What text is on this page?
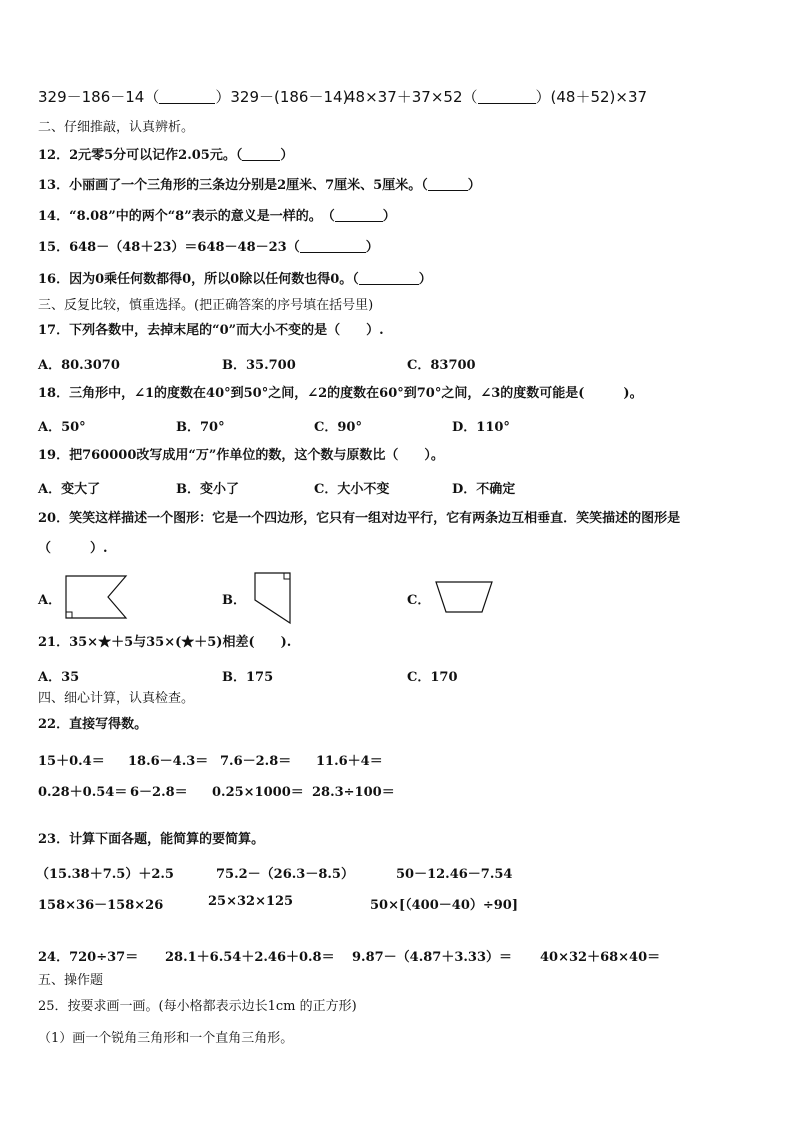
329－186－14（	）329－(186－14)
48×37＋37×52（	）(48＋52)×37
二、仔细推敲，认真辨析。
12．2元零5分可以记作2.05元。（	）
13．小丽画了一个三角形的三条边分别是2厘米、7厘米、5厘米。（	）
14．“8.08”中的两个“8”表示的意义是一样的。　（	）
15．648－（48＋23）＝648－48－23（	）
16．因为0乘任何数都得0，所以0除以任何数也得0。（	）
三、反复比较，慎重选择。(把正确答案的序号填在括号里)
17．下列各数中，去掉末尾的“0”而大小不变的是（　　）.
A．80.3070	B．35.700	C．83700
18．三角形中，∠1的度数在40°到50°之间，∠2的度数在60°到70°之间，∠3的度数可能是(　　　)。
A．50°	B．70°	C．90°	D．110°
19．把760000改写成用“万”作单位的数，这个数与原数比（　　）。
A．变大了	B．变小了	C．大小不变	D．不确定
20．笑笑这样描述一个图形：它是一个四边形，它只有一组对边平行，它有两条边互相垂直．笑笑描述的图形是
（　　　）.
A．	B．	C．
21．35×★＋5与35×(★＋5)相差(　　).
A．35	B．175	C．170
四、细心计算，认真检查。
22．直接写得数。
15＋0.4＝ 18.6－4.3＝ 7.6－2.8＝ 11.6＋4＝
0.28＋0.54＝ 6－2.8＝ 0.25×1000＝ 28.3÷100＝
23．计算下面各题，能简算的要简算。
（15.38＋7.5）＋2.5	75.2－（26.3－8.5）	50－12.46－7.54
158×36－158×26	25×32×125	50×[（400－40）÷90]
24．720÷37＝ 28.1＋6.54＋2.46＋0.8＝ 9.87－（4.87＋3.33）＝ 40×32＋68×40＝
五、操作题
25．按要求画一画。(每小格都表示边长1cm 的正方形)
（1）画一个锐角三角形和一个直角三角形。
